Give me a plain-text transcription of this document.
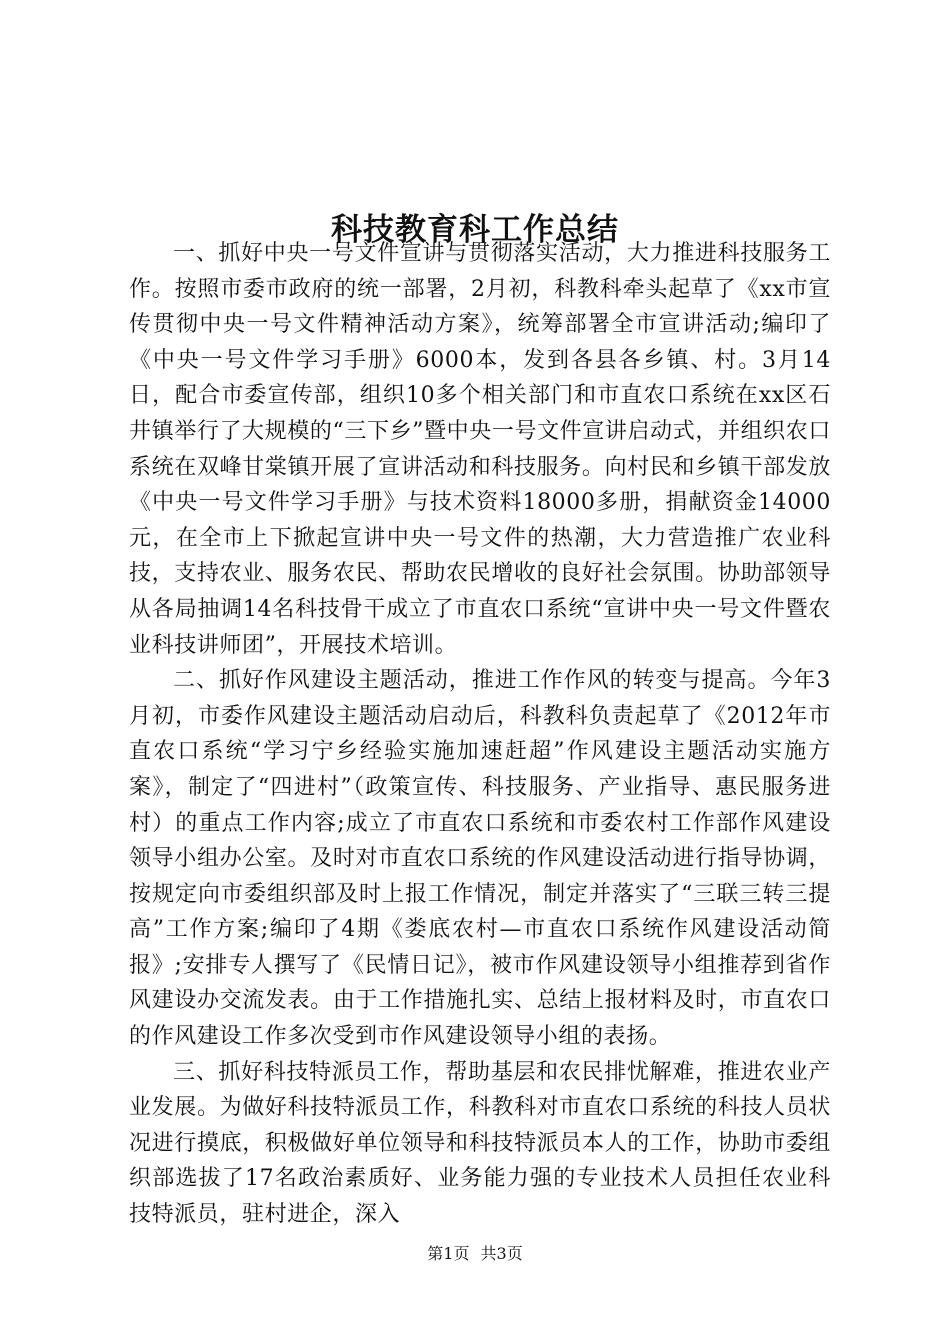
科技教育科工作总结

一、抓好中央一号文件宣讲与贯彻落实活动，大力推进科技服务工作。按照市委市政府的统一部署，2月初，科教科牵头起草了《xx市宣传贯彻中央一号文件精神活动方案》，统筹部署全市宣讲活动;编印了《中央一号文件学习手册》6000本，发到各县各乡镇、村。3月14日，配合市委宣传部，组织10多个相关部门和市直农口系统在xx区石井镇举行了大规模的“三下乡”暨中央一号文件宣讲启动式，并组织农口系统在双峰甘棠镇开展了宣讲活动和科技服务。向村民和乡镇干部发放《中央一号文件学习手册》与技术资料18000多册，捐献资金14000元，在全市上下掀起宣讲中央一号文件的热潮，大力营造推广农业科技，支持农业、服务农民、帮助农民增收的良好社会氛围。协助部领导从各局抽调14名科技骨干成立了市直农口系统“宣讲中央一号文件暨农业科技讲师团”，开展技术培训。

二、抓好作风建设主题活动，推进工作作风的转变与提高。今年3月初，市委作风建设主题活动启动后，科教科负责起草了《2012年市直农口系统“学习宁乡经验实施加速赶超”作风建设主题活动实施方案》，制定了“四进村”（政策宣传、科技服务、产业指导、惠民服务进村）的重点工作内容;成立了市直农口系统和市委农村工作部作风建设领导小组办公室。及时对市直农口系统的作风建设活动进行指导协调，按规定向市委组织部及时上报工作情况，制定并落实了“三联三转三提高”工作方案;编印了4期《娄底农村—市直农口系统作风建设活动简报》;安排专人撰写了《民情日记》，被市作风建设领导小组推荐到省作风建设办交流发表。由于工作措施扎实、总结上报材料及时，市直农口的作风建设工作多次受到市作风建设领导小组的表扬。

三、抓好科技特派员工作，帮助基层和农民排忧解难，推进农业产业发展。为做好科技特派员工作，科教科对市直农口系统的科技人员状况进行摸底，积极做好单位领导和科技特派员本人的工作，协助市委组织部选拔了17名政治素质好、业务能力强的专业技术人员担任农业科技特派员，驻村进企，深入

第1页 共3页
